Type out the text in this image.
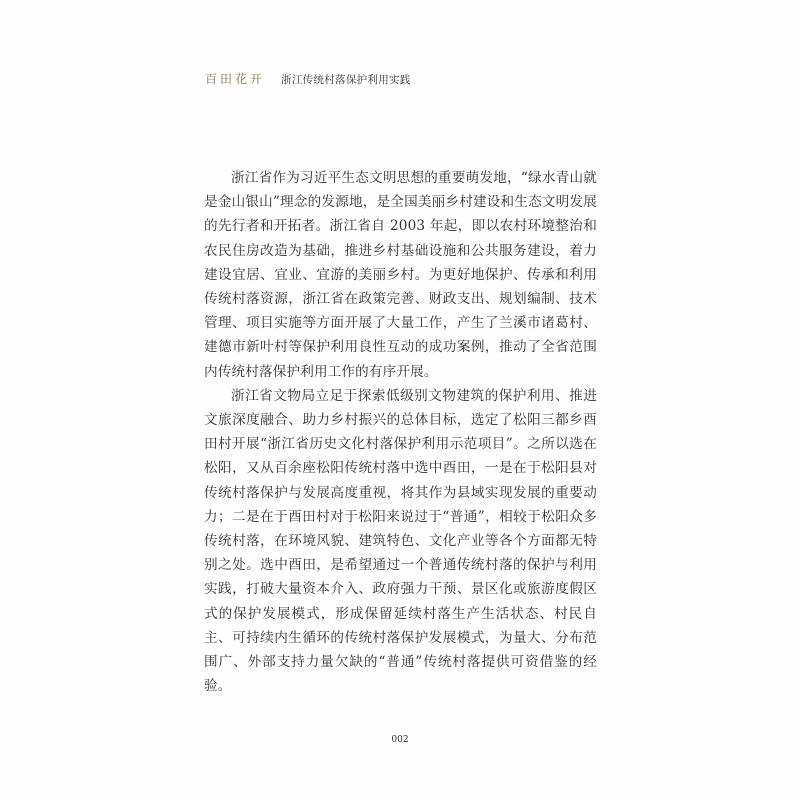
百田花开 浙江传统村落保护利用实践

浙江省作为习近平生态文明思想的重要萌发地，“绿水青山就是金山银山”理念的发源地，是全国美丽乡村建设和生态文明发展的先行者和开拓者。浙江省自 2003 年起，即以农村环境整治和农民住房改造为基础，推进乡村基础设施和公共服务建设，着力建设宜居、宜业、宜游的美丽乡村。为更好地保护、传承和利用传统村落资源，浙江省在政策完善、财政支出、规划编制、技术管理、项目实施等方面开展了大量工作，产生了兰溪市诸葛村、建德市新叶村等保护利用良性互动的成功案例，推动了全省范围内传统村落保护利用工作的有序开展。

浙江省文物局立足于探索低级别文物建筑的保护利用、推进文旅深度融合、助力乡村振兴的总体目标，选定了松阳三都乡酉田村开展“浙江省历史文化村落保护利用示范项目”。之所以选在松阳，又从百余座松阳传统村落中选中酉田，一是在于松阳县对传统村落保护与发展高度重视，将其作为县域实现发展的重要动力；二是在于酉田村对于松阳来说过于“普通”，相较于松阳众多传统村落，在环境风貌、建筑特色、文化产业等各个方面都无特别之处。选中酉田，是希望通过一个普通传统村落的保护与利用实践，打破大量资本介入、政府强力干预、景区化或旅游度假区式的保护发展模式，形成保留延续村落生产生活状态、村民自主、可持续内生循环的传统村落保护发展模式，为量大、分布范围广、外部支持力量欠缺的“普通”传统村落提供可资借鉴的经验。

002
